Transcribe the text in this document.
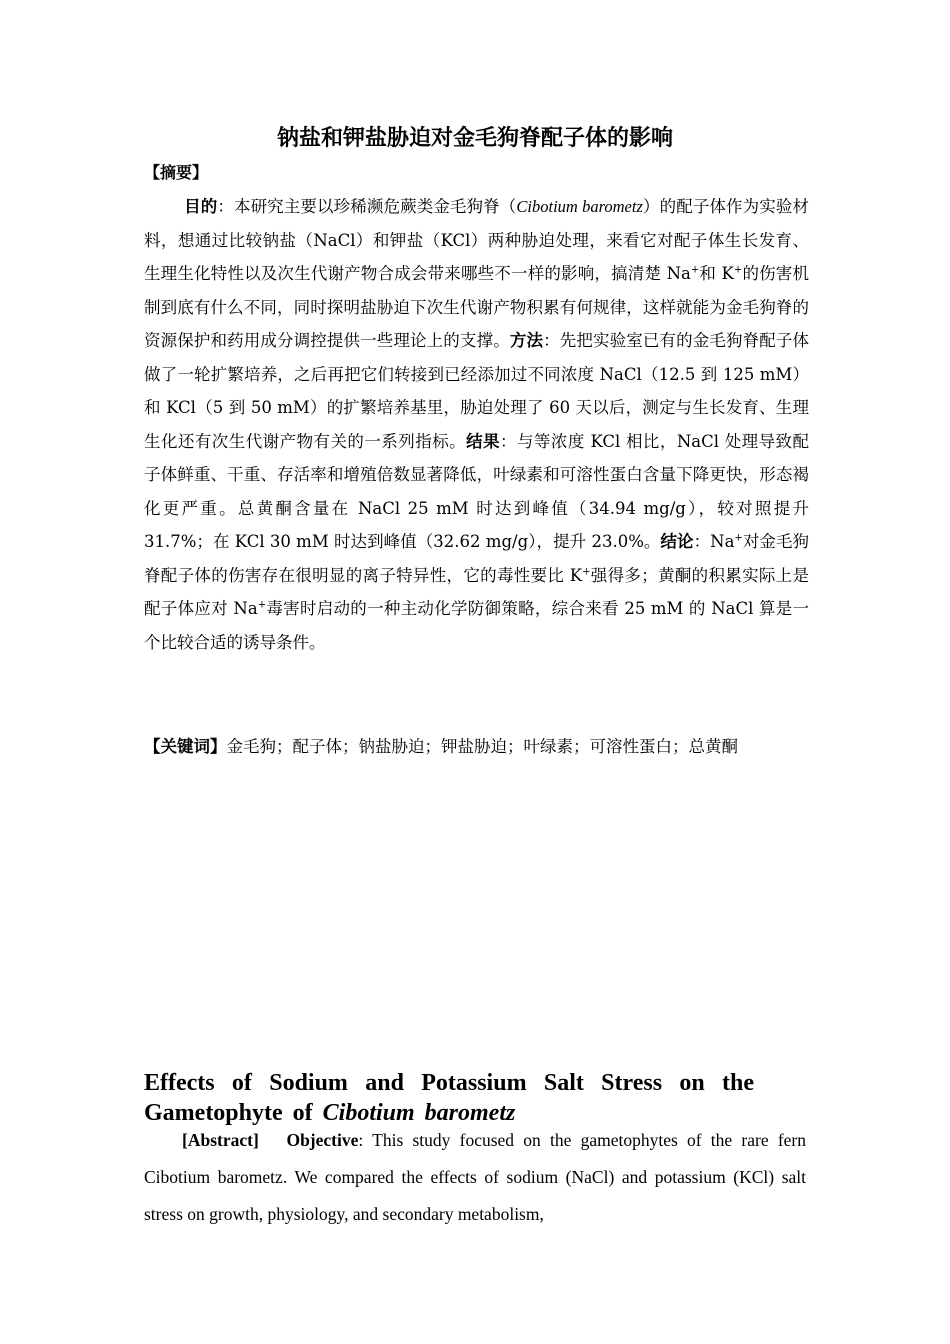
钠盐和钾盐胁迫对金毛狗脊配子体的影响
【摘要】

目的：本研究主要以珍稀濒危蕨类金毛狗脊（Cibotium barometz）的配子体作为实验材料，想通过比较钠盐（NaCl）和钾盐（KCl）两种胁迫处理，来看它对配子体生长发育、生理生化特性以及次生代谢产物合成会带来哪些不一样的影响，搞清楚 Na+和 K+的伤害机制到底有什么不同，同时探明盐胁迫下次生代谢产物积累有何规律，这样就能为金毛狗脊的资源保护和药用成分调控提供一些理论上的支撑。方法：先把实验室已有的金毛狗脊配子体做了一轮扩繁培养，之后再把它们转接到已经添加过不同浓度 NaCl（12.5 到 125 mM）和 KCl（5 到 50 mM）的扩繁培养基里，胁迫处理了 60 天以后，测定与生长发育、生理生化还有次生代谢产物有关的一系列指标。结果：与等浓度 KCl 相比，NaCl 处理导致配子体鲜重、干重、存活率和增殖倍数显著降低，叶绿素和可溶性蛋白含量下降更快，形态褐化更严重。总黄酮含量在 NaCl 25 mM 时达到峰值（34.94 mg/g），较对照提升 31.7%；在 KCl 30 mM 时达到峰值（32.62 mg/g），提升 23.0%。结论：Na+对金毛狗脊配子体的伤害存在很明显的离子特异性，它的毒性要比 K+强得多；黄酮的积累实际上是配子体应对 Na+毒害时启动的一种主动化学防御策略，综合来看 25 mM 的 NaCl 算是一个比较合适的诱导条件。

【关键词】金毛狗；配子体；钠盐胁迫；钾盐胁迫；叶绿素；可溶性蛋白；总黄酮

Effects of Sodium and Potassium Salt Stress on the Gametophyte of Cibotium barometz

[Abstract] Objective: This study focused on the gametophytes of the rare fern Cibotium barometz. We compared the effects of sodium (NaCl) and potassium (KCl) salt stress on growth, physiology, and secondary metabolism,
